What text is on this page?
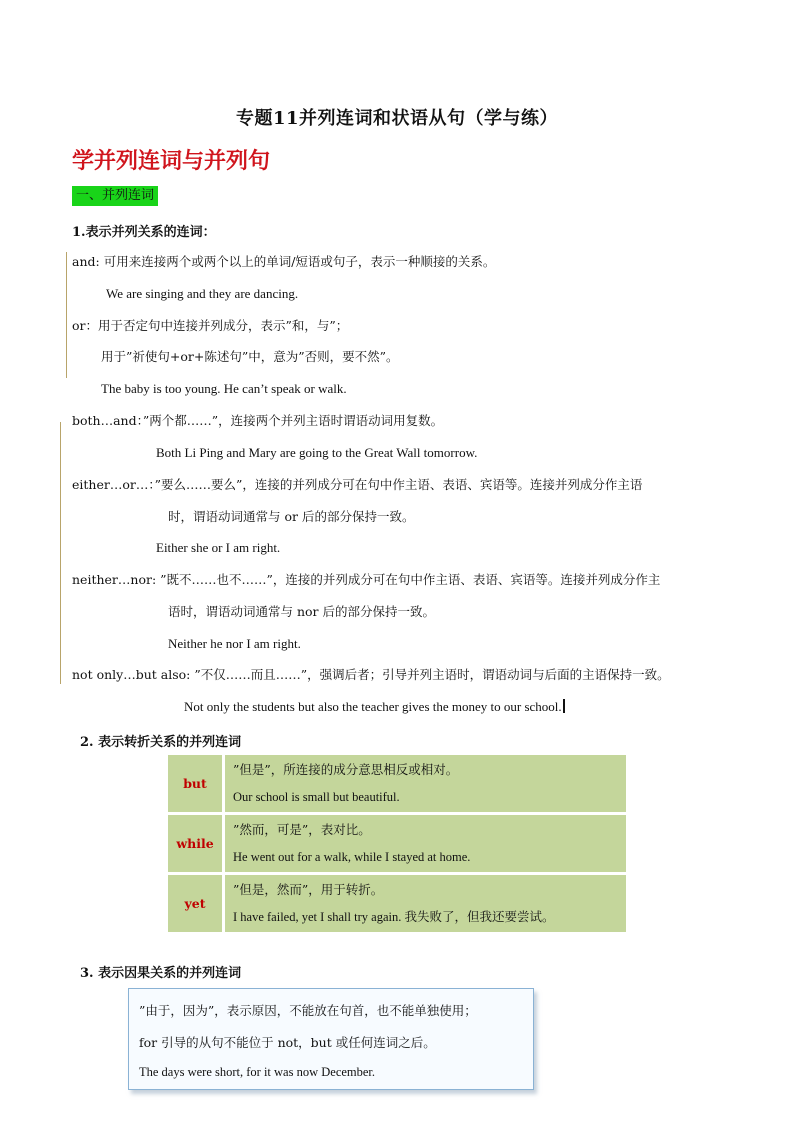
专题11并列连词和状语从句（学与练）
学并列连词与并列句
一、并列连词
1.表示并列关系的连词：
and: 可用来连接两个或两个以上的单词/短语或句子，表示一种顺接的关系。
We are singing and they are dancing.
or：用于否定句中连接并列成分，表示”和，与”；
用于”祈使句+or+陈述句”中，意为”否则，要不然”。
The baby is too young. He can’t speak or walk.
both…and：”两个都……”，连接两个并列主语时谓语动词用复数。
Both Li Ping and Mary are going to the Great Wall tomorrow.
either…or…：”要么……要么”，连接的并列成分可在句中作主语、表语、宾语等。连接并列成分作主语
时，谓语动词通常与 or 后的部分保持一致。
Either she or I am right.
neither…nor: ”既不……也不……”，连接的并列成分可在句中作主语、表语、宾语等。连接并列成分作主
语时，谓语动词通常与 nor 后的部分保持一致。
Neither he nor I am right.
not only…but also: ”不仅……而且……”，强调后者；引导并列主语时，谓语动词与后面的主语保持一致。
Not only the students but also the teacher gives the money to our school.
2. 表示转折关系的并列连词
but	”但是”，所连接的成分意思相反或相对。
Our school is small but beautiful.

while	”然而，可是”，表对比。
He went out for a walk, while I stayed at home.

yet	”但是，然而”，用于转折。
I have failed, yet I shall try again. 我失败了，但我还要尝试。
3. 表示因果关系的并列连词
”由于，因为”，表示原因，不能放在句首，也不能单独使用；
for 引导的从句不能位于 not，but 或任何连词之后。
The days were short, for it was now December.
